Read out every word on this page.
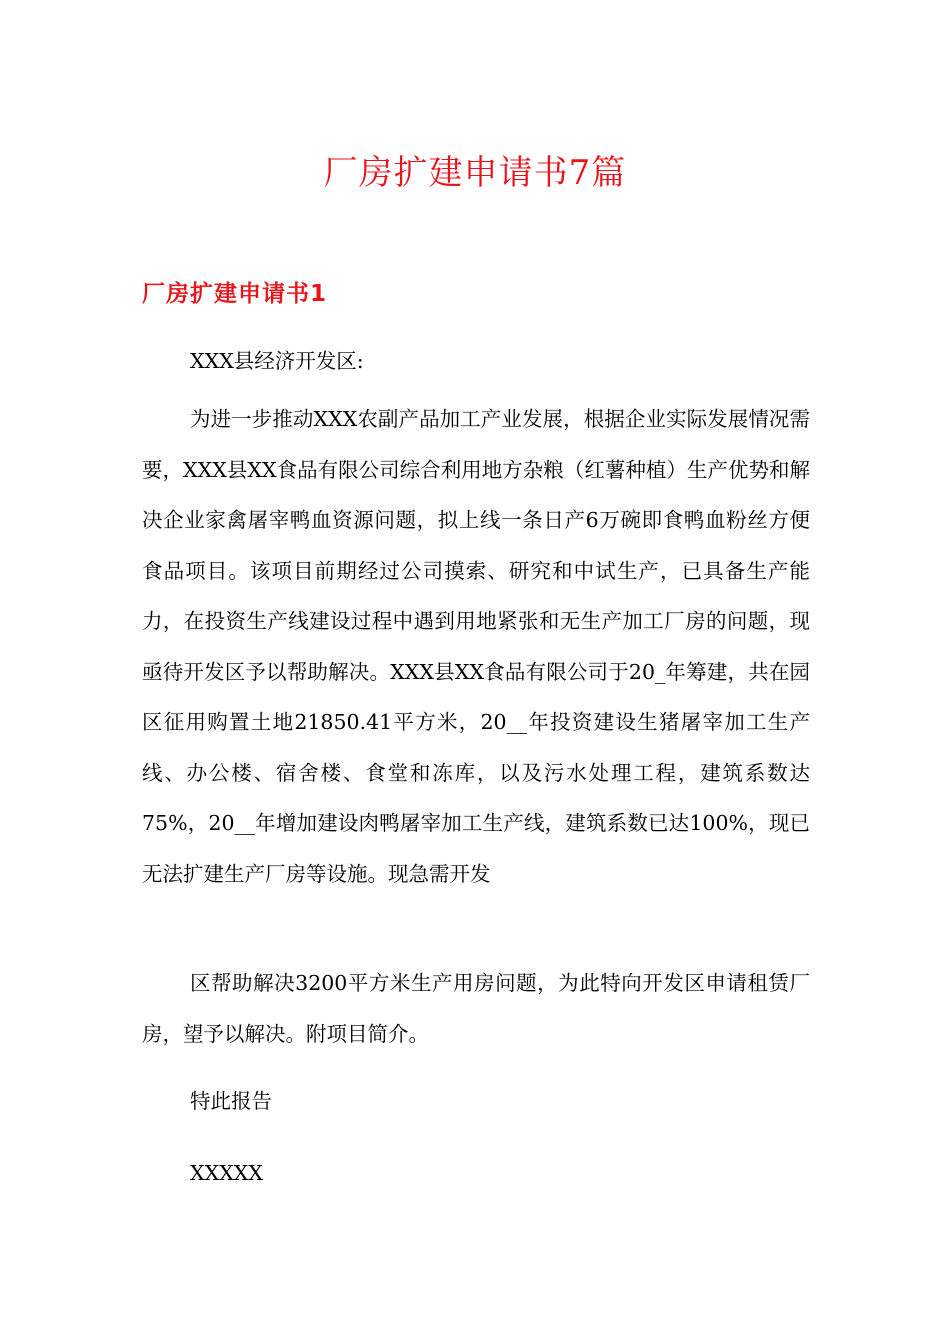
厂房扩建申请书7篇
厂房扩建申请书1

XXX县经济开发区:

为进一步推动XXX农副产品加工产业发展，根据企业实际发展情况需要，XXX县XX食品有限公司综合利用地方杂粮（红薯种植）生产优势和解决企业家禽屠宰鸭血资源问题，拟上线一条日产6万碗即食鸭血粉丝方便食品项目。该项目前期经过公司摸索、研究和中试生产，已具备生产能力，在投资生产线建设过程中遇到用地紧张和无生产加工厂房的问题，现亟待开发区予以帮助解决。XXX县XX食品有限公司于20_年筹建，共在园区征用购置土地21850.41平方米，20__年投资建设生猪屠宰加工生产线、办公楼、宿舍楼、食堂和冻库，以及污水处理工程，建筑系数达75%，20__年增加建设肉鸭屠宰加工生产线，建筑系数已达100%，现已无法扩建生产厂房等设施。现急需开发

区帮助解决3200平方米生产用房问题，为此特向开发区申请租赁厂房，望予以解决。附项目简介。

特此报告

XXXXX
